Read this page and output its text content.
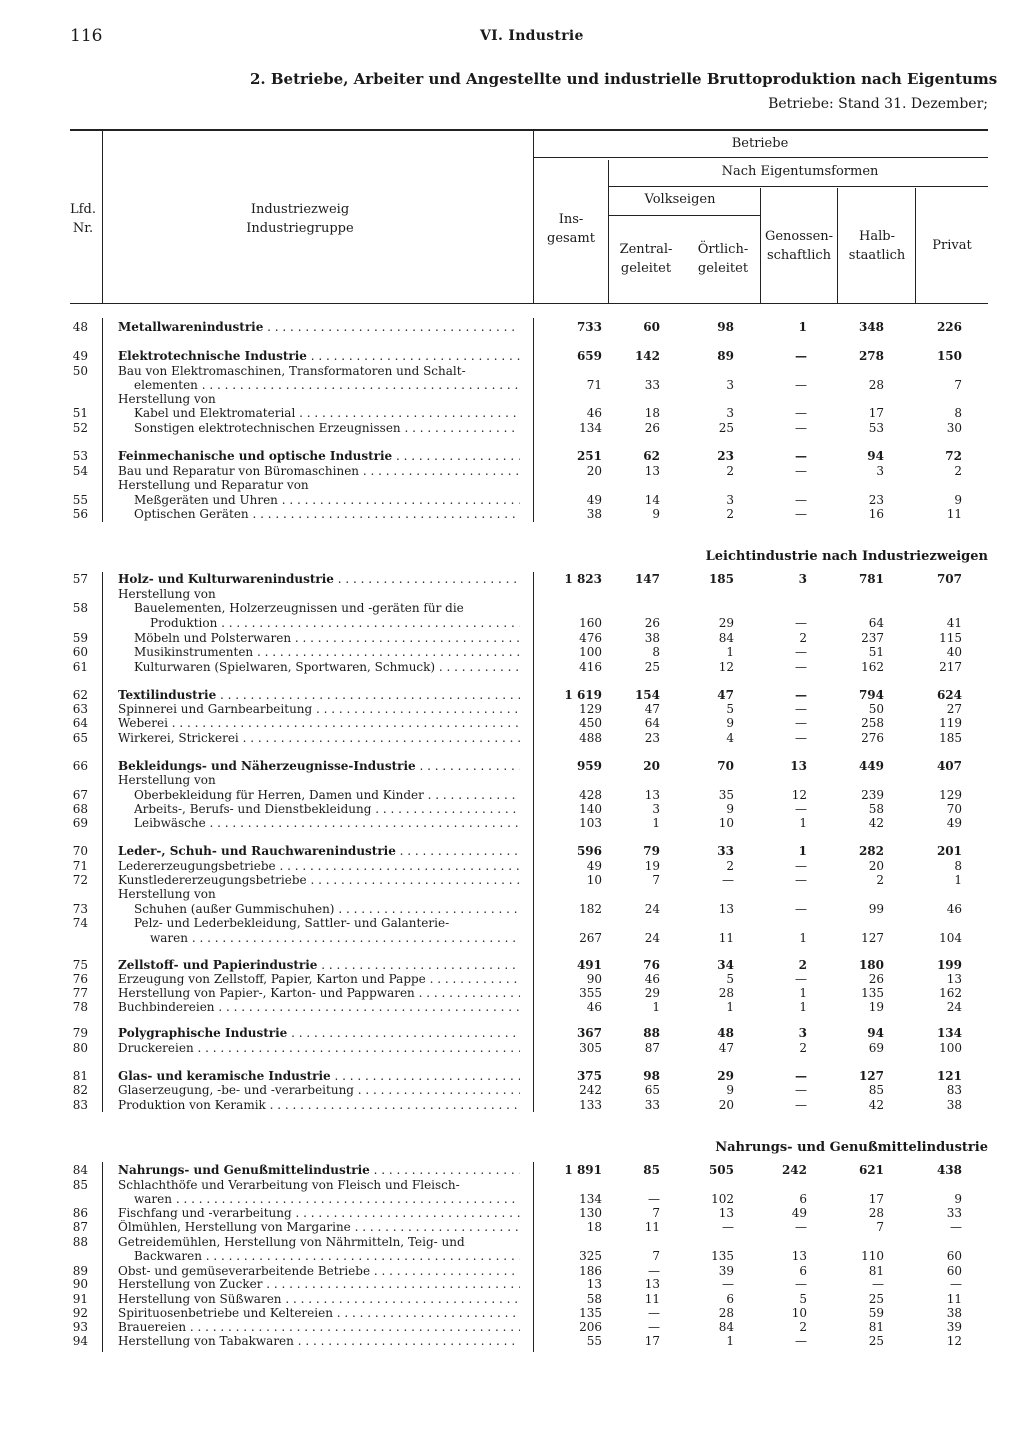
116	VI. Industrie
2. Betriebe, Arbeiter und Angestellte und industrielle Bruttoproduktion nach Eigentums
Betriebe: Stand 31. Dezember;
Lfd.
Nr.
Industriezweig
Industriegruppe
Betriebe
Ins-
gesamt
Nach Eigentumsformen
Volkseigen
Zentral-
geleitet
Örtlich-
geleitet
Genossen-
schaftlich
Halb-
staatlich
Privat
Leichtindustrie nach Industriezweigen
Nahrungs- und Genußmittelindustrie
48	Metallwarenindustrie . . .	733	60	98	1	348	226
49	Elektrotechnische Industrie . . .	659	142	89	—	278	150
50	Bau von Elektromaschinen, Transformatoren und Schalt-
elementen . . .	71	33	3	—	28	7
Herstellung von
51	Kabel und Elektromaterial . . .	46	18	3	—	17	8
52	Sonstigen elektrotechnischen Erzeugnissen . . .	134	26	25	—	53	30
53	Feinmechanische und optische Industrie . . .	251	62	23	—	94	72
54	Bau und Reparatur von Büromaschinen . . .	20	13	2	—	3	2
Herstellung und Reparatur von
55	Meßgeräten und Uhren . . .	49	14	3	—	23	9
56	Optischen Geräten . . .	38	9	2	—	16	11
57	Holz- und Kulturwarenindustrie . . .	1 823	147	185	3	781	707
Herstellung von
58	Bauelementen, Holzerzeugnissen und -geräten für die
Produktion . . .	160	26	29	—	64	41
59	Möbeln und Polsterwaren . . .	476	38	84	2	237	115
60	Musikinstrumenten . . .	100	8	1	—	51	40
61	Kulturwaren (Spielwaren, Sportwaren, Schmuck) . . .	416	25	12	—	162	217
62	Textilindustrie . . .	1 619	154	47	—	794	624
63	Spinnerei und Garnbearbeitung . . .	129	47	5	—	50	27
64	Weberei . . .	450	64	9	—	258	119
65	Wirkerei, Strickerei . . .	488	23	4	—	276	185
66	Bekleidungs- und Näherzeugnisse-Industrie . . .	959	20	70	13	449	407
Herstellung von
67	Oberbekleidung für Herren, Damen und Kinder . . .	428	13	35	12	239	129
68	Arbeits-, Berufs- und Dienstbekleidung . . .	140	3	9	—	58	70
69	Leibwäsche . . .	103	1	10	1	42	49
70	Leder-, Schuh- und Rauchwarenindustrie . . .	596	79	33	1	282	201
71	Ledererzeugungsbetriebe . . .	49	19	2	—	20	8
72	Kunstledererzeugungsbetriebe . . .	10	7	—	—	2	1
Herstellung von
73	Schuhen (außer Gummischuhen) . . .	182	24	13	—	99	46
74	Pelz- und Lederbekleidung, Sattler- und Galanterie-
waren . . .	267	24	11	1	127	104
75	Zellstoff- und Papierindustrie . . .	491	76	34	2	180	199
76	Erzeugung von Zellstoff, Papier, Karton und Pappe . . .	90	46	5	—	26	13
77	Herstellung von Papier-, Karton- und Pappwaren . . .	355	29	28	1	135	162
78	Buchbindereien . . .	46	1	1	1	19	24
79	Polygraphische Industrie . . .	367	88	48	3	94	134
80	Druckereien . . .	305	87	47	2	69	100
81	Glas- und keramische Industrie . . .	375	98	29	—	127	121
82	Glaserzeugung, -be- und -verarbeitung . . .	242	65	9	—	85	83
83	Produktion von Keramik . . .	133	33	20	—	42	38
84	Nahrungs- und Genußmittelindustrie . . .	1 891	85	505	242	621	438
85	Schlachthöfe und Verarbeitung von Fleisch und Fleisch-
waren . . .	134	—	102	6	17	9
86	Fischfang und -verarbeitung . . .	130	7	13	49	28	33
87	Ölmühlen, Herstellung von Margarine . . .	18	11	—	—	7	—
88	Getreidemühlen, Herstellung von Nährmitteln, Teig- und
Backwaren . . .	325	7	135	13	110	60
89	Obst- und gemüseverarbeitende Betriebe . . .	186	—	39	6	81	60
90	Herstellung von Zucker . . .	13	13	—	—	—	—
91	Herstellung von Süßwaren . . .	58	11	6	5	25	11
92	Spirituosenbetriebe und Keltereien . . .	135	—	28	10	59	38
93	Brauereien . . .	206	—	84	2	81	39
94	Herstellung von Tabakwaren . . .	55	17	1	—	25	12
